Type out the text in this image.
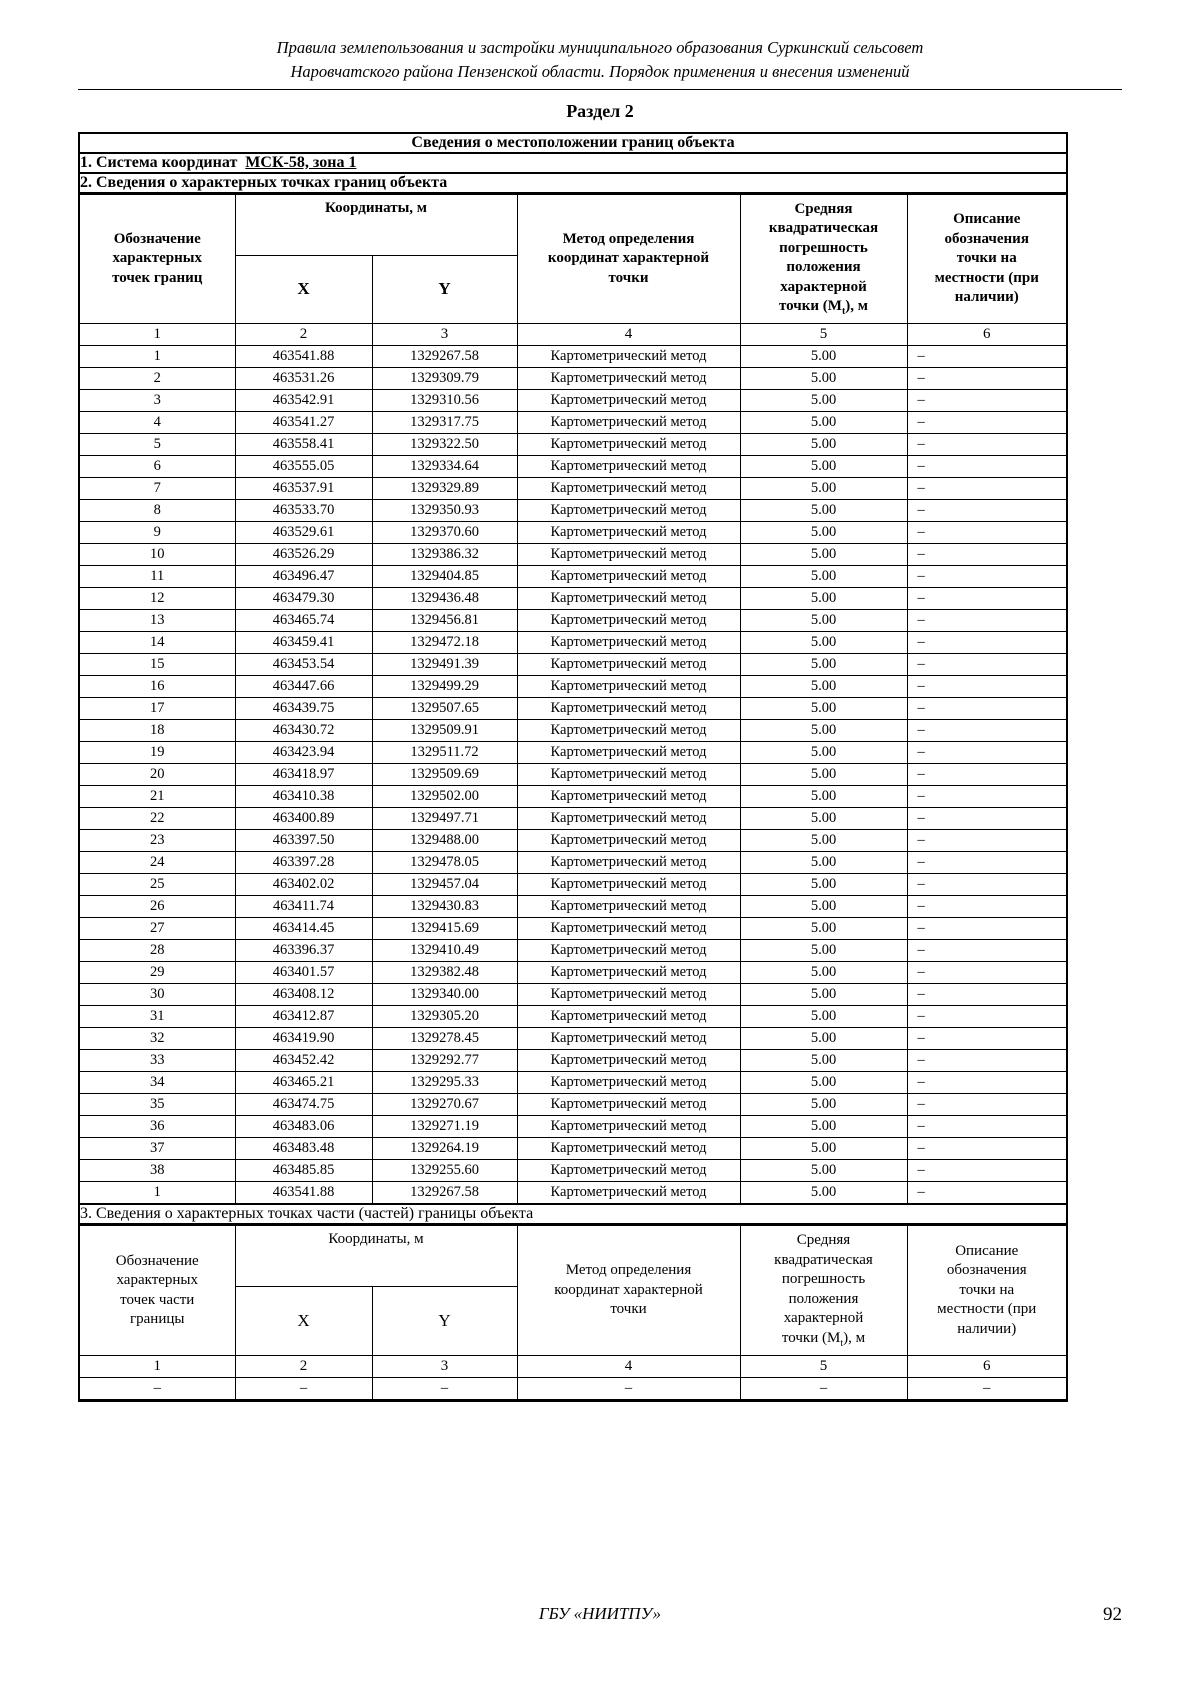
Правила землепользования и застройки муниципального образования Суркинский сельсовет
Наровчатского района Пензенской области. Порядок применения и внесения изменений
Раздел 2
Сведения о местоположении границ объекта
1. Система координат МСК-58, зона 1
2. Сведения о характерных точках границ объекта

Обозначение
характерных
точек границ
	Координаты, м	
Метод определения
координат характерной
точки

Средняя
квадратическая
погрешность
положения
характерной
точки $(M_t)$, м

Описание
обозначения
точки на
местности (при
наличии)

X	Y
1	2	3	4	5	6
1	463541.88	1329267.58	Картометрический метод	5.00	–
2	463531.26	1329309.79	Картометрический метод	5.00	–
3	463542.91	1329310.56	Картометрический метод	5.00	–
4	463541.27	1329317.75	Картометрический метод	5.00	–
5	463558.41	1329322.50	Картометрический метод	5.00	–
6	463555.05	1329334.64	Картометрический метод	5.00	–
7	463537.91	1329329.89	Картометрический метод	5.00	–
8	463533.70	1329350.93	Картометрический метод	5.00	–
9	463529.61	1329370.60	Картометрический метод	5.00	–
10	463526.29	1329386.32	Картометрический метод	5.00	–
11	463496.47	1329404.85	Картометрический метод	5.00	–
12	463479.30	1329436.48	Картометрический метод	5.00	–
13	463465.74	1329456.81	Картометрический метод	5.00	–
14	463459.41	1329472.18	Картометрический метод	5.00	–
15	463453.54	1329491.39	Картометрический метод	5.00	–
16	463447.66	1329499.29	Картометрический метод	5.00	–
17	463439.75	1329507.65	Картометрический метод	5.00	–
18	463430.72	1329509.91	Картометрический метод	5.00	–
19	463423.94	1329511.72	Картометрический метод	5.00	–
20	463418.97	1329509.69	Картометрический метод	5.00	–
21	463410.38	1329502.00	Картометрический метод	5.00	–
22	463400.89	1329497.71	Картометрический метод	5.00	–
23	463397.50	1329488.00	Картометрический метод	5.00	–
24	463397.28	1329478.05	Картометрический метод	5.00	–
25	463402.02	1329457.04	Картометрический метод	5.00	–
26	463411.74	1329430.83	Картометрический метод	5.00	–
27	463414.45	1329415.69	Картометрический метод	5.00	–
28	463396.37	1329410.49	Картометрический метод	5.00	–
29	463401.57	1329382.48	Картометрический метод	5.00	–
30	463408.12	1329340.00	Картометрический метод	5.00	–
31	463412.87	1329305.20	Картометрический метод	5.00	–
32	463419.90	1329278.45	Картометрический метод	5.00	–
33	463452.42	1329292.77	Картометрический метод	5.00	–
34	463465.21	1329295.33	Картометрический метод	5.00	–
35	463474.75	1329270.67	Картометрический метод	5.00	–
36	463483.06	1329271.19	Картометрический метод	5.00	–
37	463483.48	1329264.19	Картометрический метод	5.00	–
38	463485.85	1329255.60	Картометрический метод	5.00	–
1	463541.88	1329267.58	Картометрический метод	5.00	–

3. Сведения о характерных точках части (частей) границы объекта

Обозначение
характерных
точек части
границы
	Координаты, м	
Метод определения
координат характерной
точки

Средняя
квадратическая
погрешность
положения
характерной
точки $(M_t)$, м

Описание
обозначения
точки на
местности (при
наличии)

X	Y
1	2	3	4	5	6
–	–	–	–	–	–
ГБУ «НИИТПУ»	92
